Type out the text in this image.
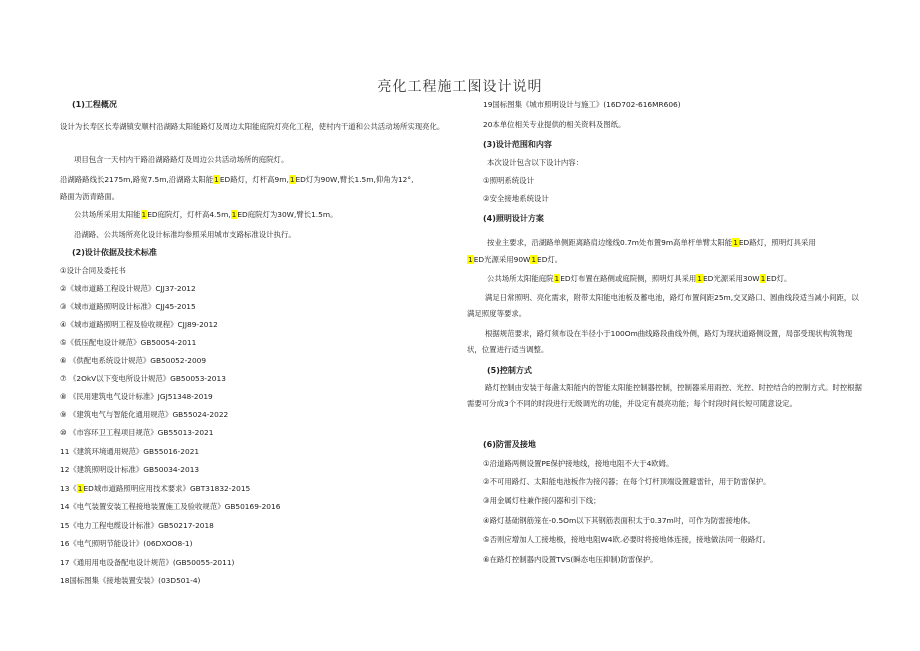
亮化工程施工图设计说明
(1)工程概况
设计为长寿区长寿湖镇安顺村沿湖路太阳能路灯及周边太阳能庭院灯亮化工程，使村内干道和公共活动场所实现亮化。
项目包含一天村内干路沿湖路路灯及周边公共活动场所的庭院灯。
沿湖路路线长2175m,路宽7.5m,沿湖路太阳能1ED路灯，灯杆高9m,1ED灯为90W,臂长1.5m,仰角为12°,
路面为沥青路面。
公共场所采用太阳能1ED庭院灯，灯杆高4.5m,1ED庭院灯为30W,臂长1.5m。
沿湖路、公共场所亮化设计标准均参照采用城市支路标准设计执行。
(2)设计依据及技术标准
①设计合同及委托书
②《城市道路工程设计规范》CJJ37-2012
③《城市道路照明设计标准》CJJ45-2015
④《城市道路照明工程及验收规程》CJJ89-2012
⑤《低压配电设计规范》GB50054-2011
⑥ 《供配电系统设计规范》GB50052-2009
⑦ 《2OkV以下变电所设计规范》GB50053-2013
⑧ 《民用建筑电气设计标准》JGJ51348-2019
⑨ 《建筑电气与智能化通用规范》GB55024-2022
⑩ 《市容环卫工程项目规范》GB55013-2021
11《建筑环境通用规范》GB55016-2021
12《建筑照明设计标准》GB50034-2013
13《1ED城市道路照明应用技术要求》GBT31832-2015
14《电气装置安装工程接地装置施工及验收规范》GB50169-2016
15《电力工程电缆设计标准》GB50217-2018
16《电气照明节能设计》(06DXOO8-1)
17《通用用电设备配电设计规范》(GB50055-2011)
18国标图集《接地装置安装》(03D501-4)
19国标图集《城市照明设计与施工》(16D702-616MR606)
20本单位相关专业提供的相关资料及图纸。
(3)设计范围和内容
本次设计包含以下设计内容：
①照明系统设计
②安全接地系统设计
(4)照明设计方案
按业主要求，沿湖路单侧距离路肩边缘线0.7m处布置9m高单杆单臂太阳能1ED路灯，照明灯具采用
1ED光源采用90W1ED灯。
公共场所太阳能庭院1ED灯布置在路侧或庭院侧，照明灯具采用1ED光源采用30W1ED灯。
满足日常照明、亮化需求，附带太阳能电池板及蓄电池，路灯布置间距25m,交叉路口、圆曲线段适当减小间距，以满足照度等要求。
根据规范要求，路灯须布设在半径小于100Om曲线路段曲线外侧，路灯为现状道路侧设置，局部受现状构筑物现状，位置进行适当调整。
(5)控制方式
路灯控制由安装于每盏太阳能内的智能太阳能控制器控制，控制器采用雨控、光控、时控结合的控制方式。时控根据需要可分成3个不同的时段进行无级调光的功能，并设定有晨亮功能；每个时段时间长短可随意设定。
(6)防雷及接地
①沿道路两侧设置PE保护接地线，接地电阻不大于4欧姆。
②不可用路灯、太阳能电池板作为接闪器；在每个灯杆顶端设置避雷针，用于防雷保护。
③用金属灯柱兼作接闪器和引下线；
④路灯基础钢筋笼在-0.5Om以下其钢筋表面积太于0.37m吋，可作为防雷接地体。
⑤否则应增加人工接地极，接地电阻W4欧.必要时将接地体连接，接地做法同一般路灯。
⑥在路灯控制器内设置TVS(瞬态电压抑制)防雷保护。
